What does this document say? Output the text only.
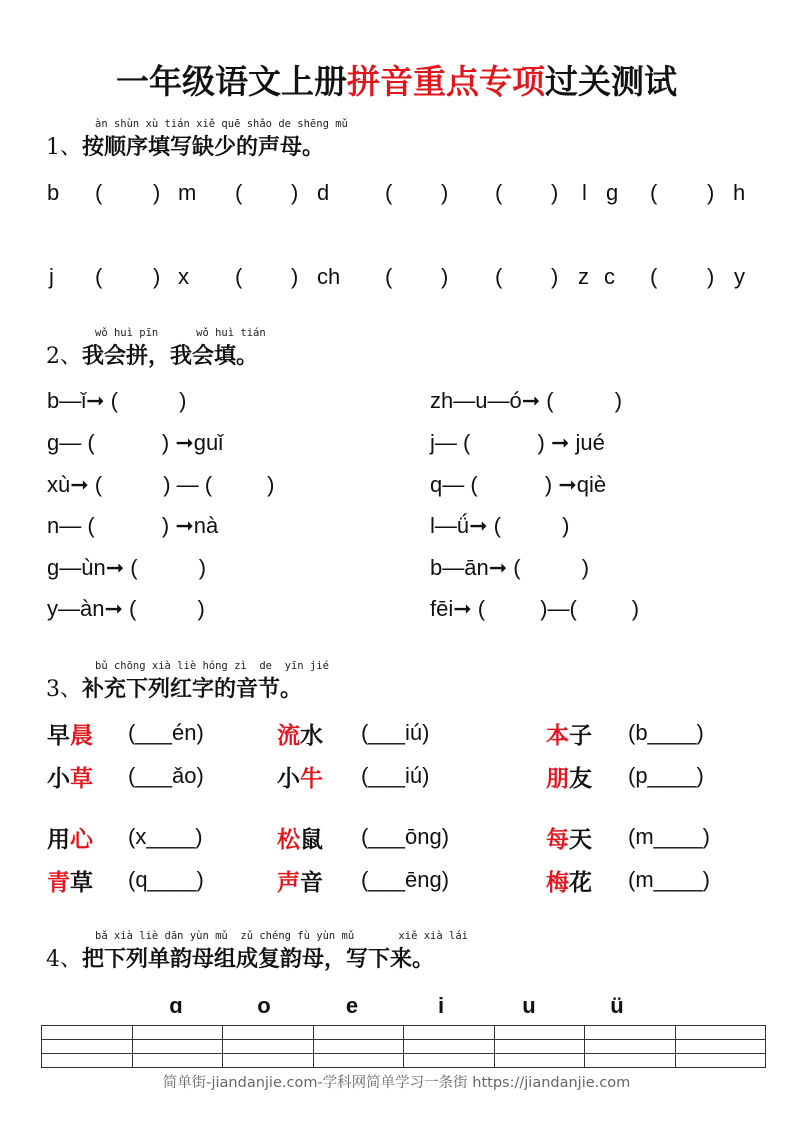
一年级语文上册拼音重点专项过关测试
àn shùn xù tián xiě quē shǎo de shēng mǔ
1、按顺序填写缺少的声母。
b ( ) m ( ) d	( ) ( ) l g ( ) h
j ( ) x ( ) ch ( ) ( ) z c ( ) y
wǒ huì pīn      wǒ huì tián
2、我会拼，我会填。
b—ǐ➞ (          )
g— (           ) ➞guǐ
xù➞ (          ) — (         )
n— (           ) ➞nà
g—ùn➞ (          )
y—àn➞ (          )
zh—u—ó➞ (          )
j— (           ) ➞ jué
q— (           ) ➞qiè
l—ǘ➞ (          )
b—ān➞ (          )
fēi➞ (         )—(         )
bǔ chōng xià liè hóng zì  de  yīn jié
3、补充下列红字的音节。
早晨 (___én)	流水 (___iú)	本子 (b____)
小草 (___ǎo)	小牛 (___iú)	朋友 (p____)
用心 (x____)	松鼠 (___ōng)	每天 (m____)
青草 (q____)	声音 (___ēng)	梅花 (m____)
bǎ xià liè dān yùn mǔ  zǔ chéng fù yùn mǔ       xiě xià lái
4、把下列单韵母组成复韵母，写下来。
ɑ	o	e	i	u	ü

简单街-jiandanjie.com-学科网简单学习一条街 https://jiandanjie.com
